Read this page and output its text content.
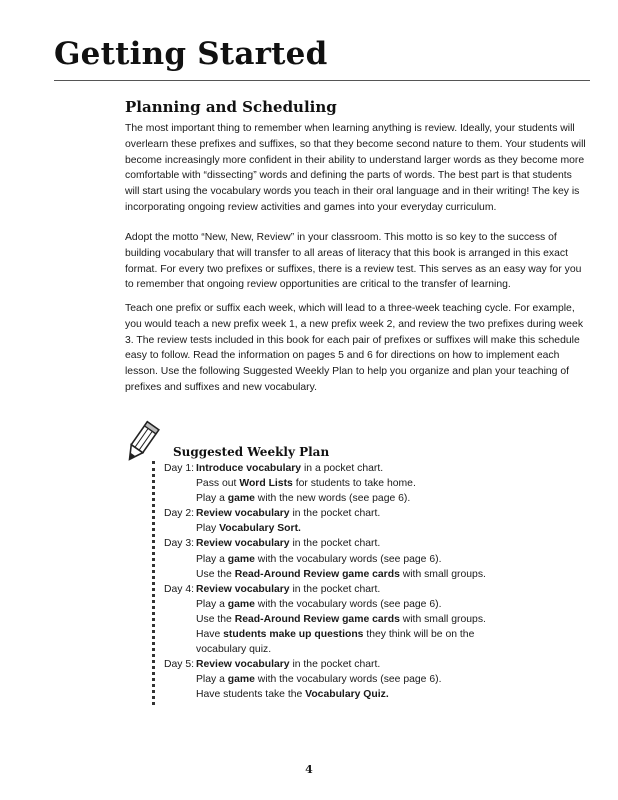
Getting Started
Planning and Scheduling

The most important thing to remember when learning anything is review. Ideally, your students will overlearn these prefixes and suffixes, so that they become second nature to them. Your students will become increasingly more confident in their ability to understand larger words as they become more comfortable with “dissecting” words and defining the parts of words. The best part is that students will start using the vocabulary words you teach in their oral language and in their writing! The key is incorporating ongoing review activities and games into your everyday curriculum.

Adopt the motto “New, New, Review” in your classroom. This motto is so key to the success of building vocabulary that will transfer to all areas of literacy that this book is arranged in this exact format. For every two prefixes or suffixes, there is a review test. This serves as an easy way for you to remember that ongoing review opportunities are critical to the transfer of learning.

Teach one prefix or suffix each week, which will lead to a three-week teaching cycle. For example, you would teach a new prefix week 1, a new prefix week 2, and review the two prefixes during week 3. The review tests included in this book for each pair of prefixes or suffixes will make this schedule easy to follow. Read the information on pages 5 and 6 for directions on how to implement each lesson. Use the following Suggested Weekly Plan to help you organize and plan your teaching of prefixes and suffixes and new vocabulary.

Suggested Weekly Plan
Day 1: Introduce vocabulary in a pocket chart.
Pass out Word Lists for students to take home.
Play a game with the new words (see page 6).
Day 2: Review vocabulary in the pocket chart.
Play Vocabulary Sort.
Day 3: Review vocabulary in the pocket chart.
Play a game with the vocabulary words (see page 6).
Use the Read-Around Review game cards with small groups.
Day 4: Review vocabulary in the pocket chart.
Play a game with the vocabulary words (see page 6).
Use the Read-Around Review game cards with small groups.
Have students make up questions they think will be on the
vocabulary quiz.
Day 5: Review vocabulary in the pocket chart.
Play a game with the vocabulary words (see page 6).
Have students take the Vocabulary Quiz.
4
